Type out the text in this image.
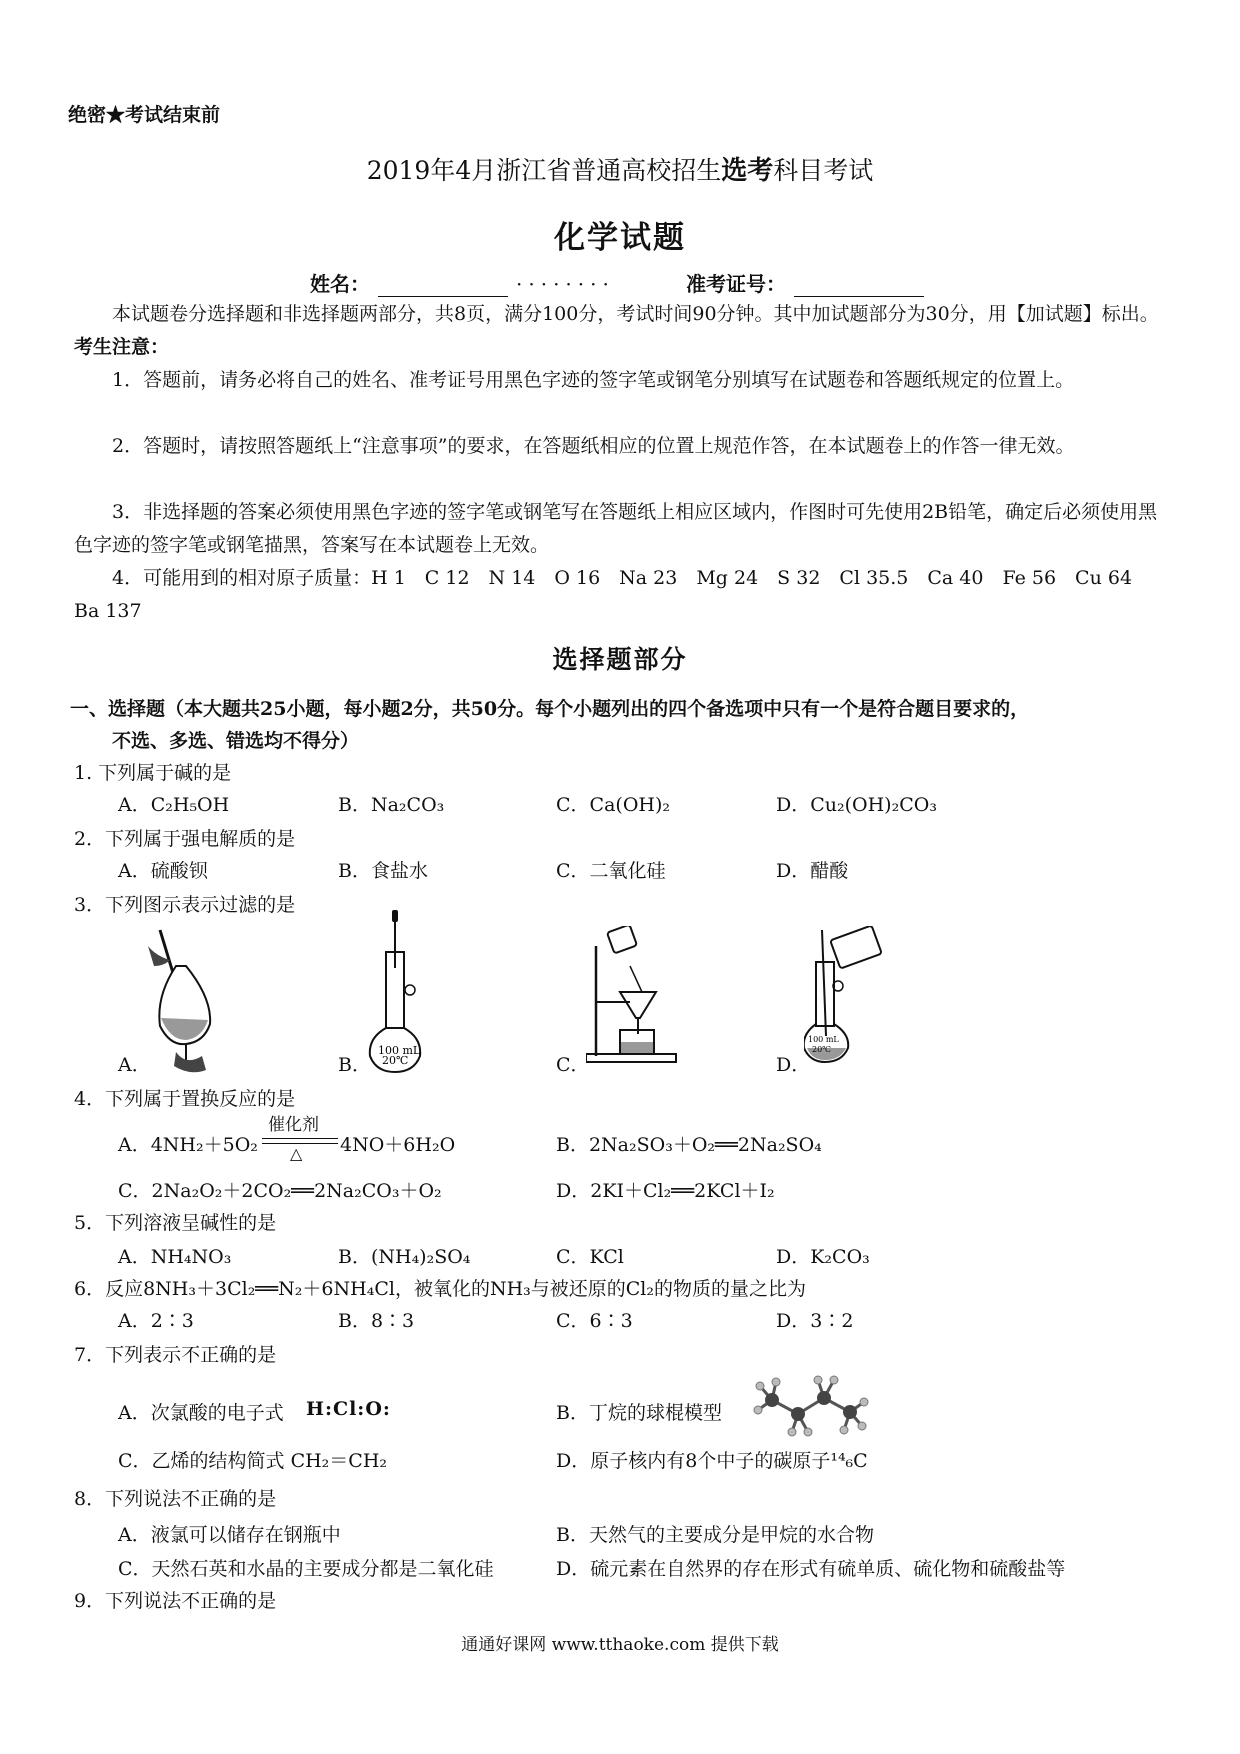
绝密★考试结束前
2019年4月浙江省普通高校招生选考科目考试
化学试题
姓名：	········	准考证号：
本试题卷分选择题和非选择题两部分，共8页，满分100分，考试时间90分钟。其中加试题部分为30分，用【加试题】标出。考生注意：
1．答题前，请务必将自己的姓名、准考证号用黑色字迹的签字笔或钢笔分别填写在试题卷和答题纸规定的位置上。
2．答题时，请按照答题纸上“注意事项”的要求，在答题纸相应的位置上规范作答，在本试题卷上的作答一律无效。
3．非选择题的答案必须使用黑色字迹的签字笔或钢笔写在答题纸上相应区域内，作图时可先使用2B铅笔，确定后必须使用黑色字迹的签字笔或钢笔描黑，答案写在本试题卷上无效。
4．可能用到的相对原子质量：H 1　C 12　N 14　O 16　Na 23　Mg 24　S 32　Cl 35.5　Ca 40　Fe 56　Cu 64　Ba 137
选择题部分
一、选择题（本大题共25小题，每小题2分，共50分。每个小题列出的四个备选项中只有一个是符合题目要求的，
不选、多选、错选均不得分）
1. 下列属于碱的是
A．C₂H₅OH	B．Na₂CO₃	C．Ca(OH)₂	D．Cu₂(OH)₂CO₃
2．下列属于强电解质的是
A．硫酸钡	B．食盐水	C．二氧化硅	D．醋酸
3．下列图示表示过滤的是
A．	B．	C．	D．
100 mL
20℃
100 mL
20℃
4．下列属于置换反应的是
A．4NH₂＋5O₂
催化剂
△ 4NO＋6H₂O	B．2Na₂SO₃＋O₂══2Na₂SO₄
C．2Na₂O₂＋2CO₂══2Na₂CO₃＋O₂	D．2KI＋Cl₂══2KCl＋I₂
5．下列溶液呈碱性的是
A．NH₄NO₃	B．(NH₄)₂SO₄	C．KCl	D．K₂CO₃
6．反应8NH₃＋3Cl₂══N₂＋6NH₄Cl，被氧化的NH₃与被还原的Cl₂的物质的量之比为
A．2∶3	B．8∶3	C．6∶3	D．3∶2
7．下列表示不正确的是
A．次氯酸的电子式 H:Cl:O:	B．丁烷的球棍模型
C．乙烯的结构简式 CH₂＝CH₂	D．原子核内有8个中子的碳原子¹⁴₆C
8．下列说法不正确的是
A．液氯可以储存在钢瓶中	B．天然气的主要成分是甲烷的水合物
C．天然石英和水晶的主要成分都是二氧化硅	D．硫元素在自然界的存在形式有硫单质、硫化物和硫酸盐等
9．下列说法不正确的是
通通好课网 www.tthaoke.com 提供下载
